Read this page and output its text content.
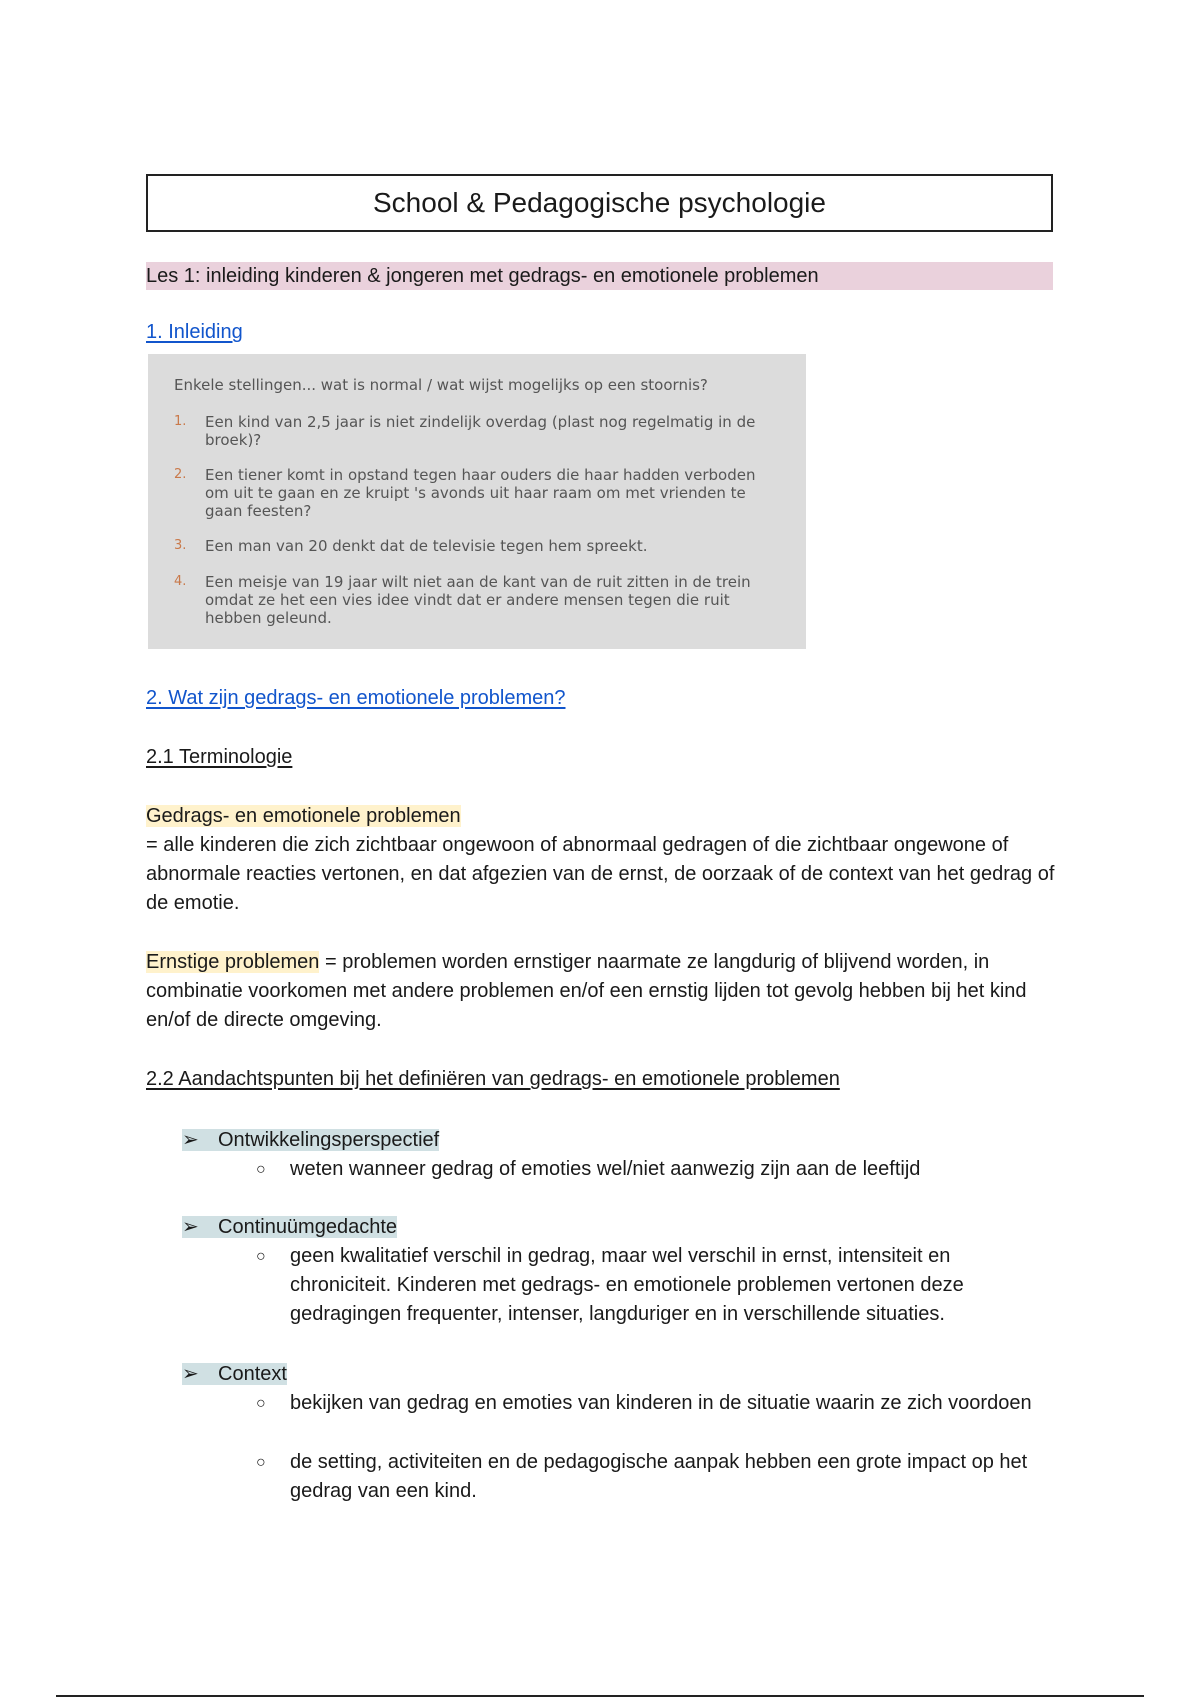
School & Pedagogische psychologie
Les 1: inleiding kinderen & jongeren met gedrags- en emotionele problemen
1. Inleiding
Enkele stellingen... wat is normal / wat wijst mogelijks op een stoornis?
1. Een kind van 2,5 jaar is niet zindelijk overdag (plast nog regelmatig in de broek)?
2. Een tiener komt in opstand tegen haar ouders die haar hadden verboden om uit te gaan en ze kruipt 's avonds uit haar raam om met vrienden te gaan feesten?
3. Een man van 20 denkt dat de televisie tegen hem spreekt.
4. Een meisje van 19 jaar wilt niet aan de kant van de ruit zitten in de trein omdat ze het een vies idee vindt dat er andere mensen tegen die ruit hebben geleund.
2. Wat zijn gedrags- en emotionele problemen?
2.1 Terminologie
Gedrags- en emotionele problemen
= alle kinderen die zich zichtbaar ongewoon of abnormaal gedragen of die zichtbaar ongewone of abnormale reacties vertonen, en dat afgezien van de ernst, de oorzaak of de context van het gedrag of de emotie.
Ernstige problemen = problemen worden ernstiger naarmate ze langdurig of blijvend worden, in combinatie voorkomen met andere problemen en/of een ernstig lijden tot gevolg hebben bij het kind en/of de directe omgeving.
2.2 Aandachtspunten bij het definiëren van gedrags- en emotionele problemen
➢ Ontwikkelingsperspectief
○ weten wanneer gedrag of emoties wel/niet aanwezig zijn aan de leeftijd
➢ Continuümgedachte
○ geen kwalitatief verschil in gedrag, maar wel verschil in ernst, intensiteit en chroniciteit. Kinderen met gedrags- en emotionele problemen vertonen deze gedragingen frequenter, intenser, langduriger en in verschillende situaties.
➢ Context
○ bekijken van gedrag en emoties van kinderen in de situatie waarin ze zich voordoen
○ de setting, activiteiten en de pedagogische aanpak hebben een grote impact op het gedrag van een kind.
